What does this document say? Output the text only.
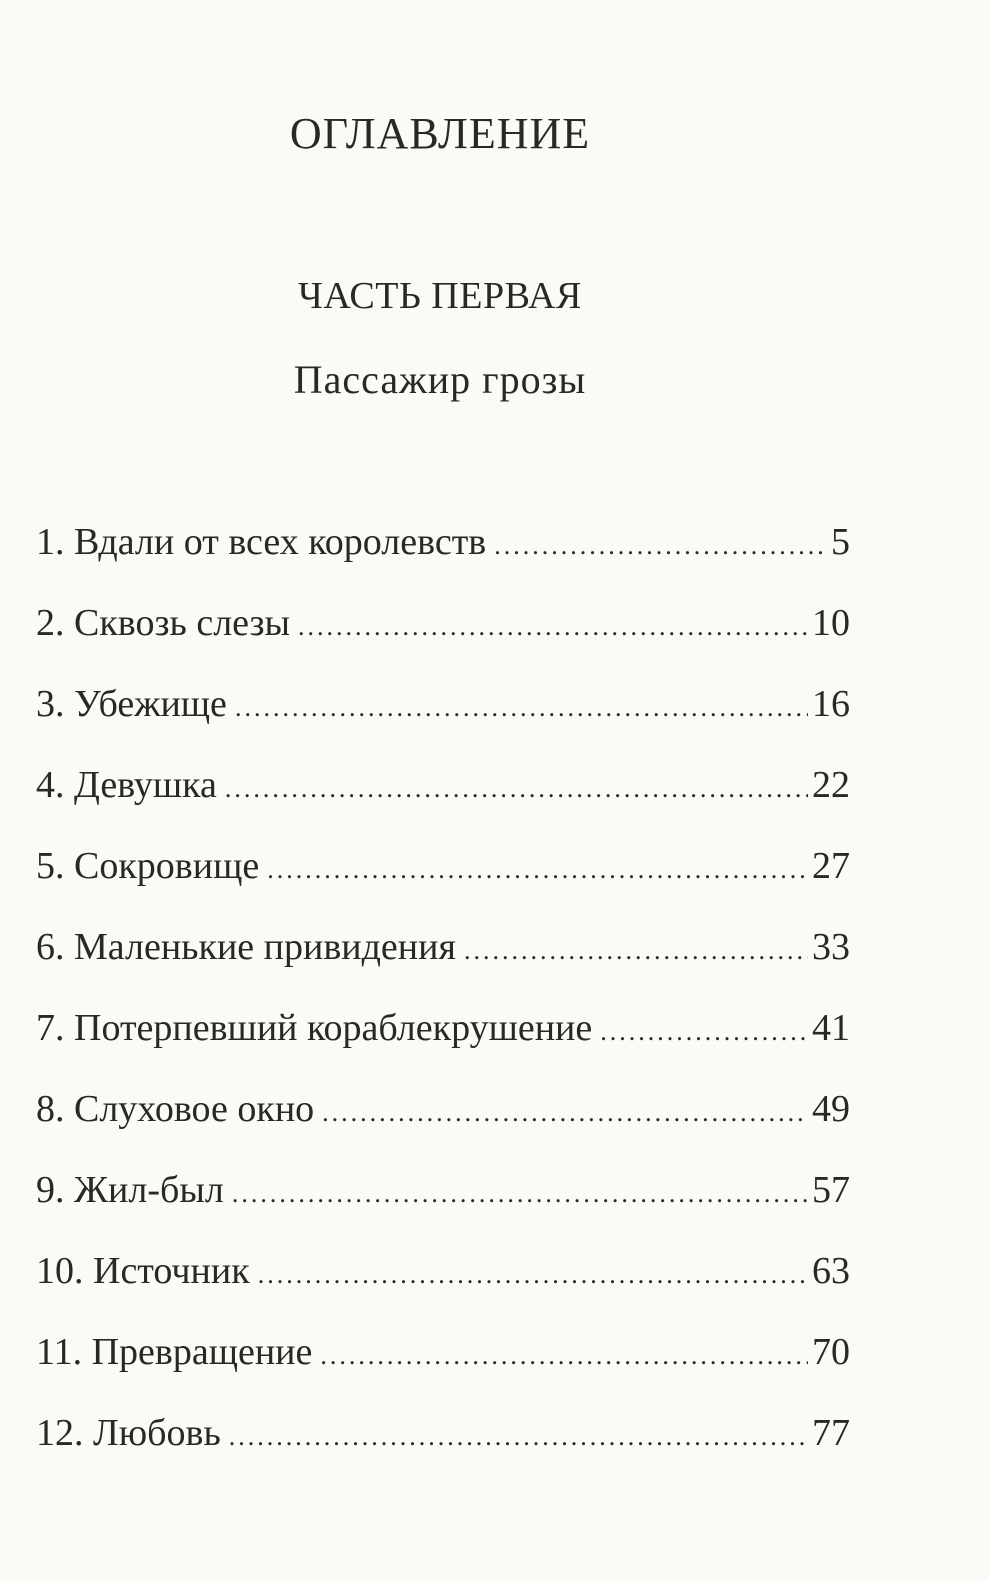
ОГЛАВЛЕНИЕ
ЧАСТЬ ПЕРВАЯ
Пассажир грозы
1. Вдали от всех королевств .....	5
2. Сквозь слезы .....	10
3. Убежище .....	16
4. Девушка .....	22
5. Сокровище .....	27
6. Маленькие привидения .....	33
7. Потерпевший кораблекрушение .....	41
8. Слуховое окно .....	49
9. Жил-был .....	57
10. Источник .....	63
11. Превращение .....	70
12. Любовь .....	77
